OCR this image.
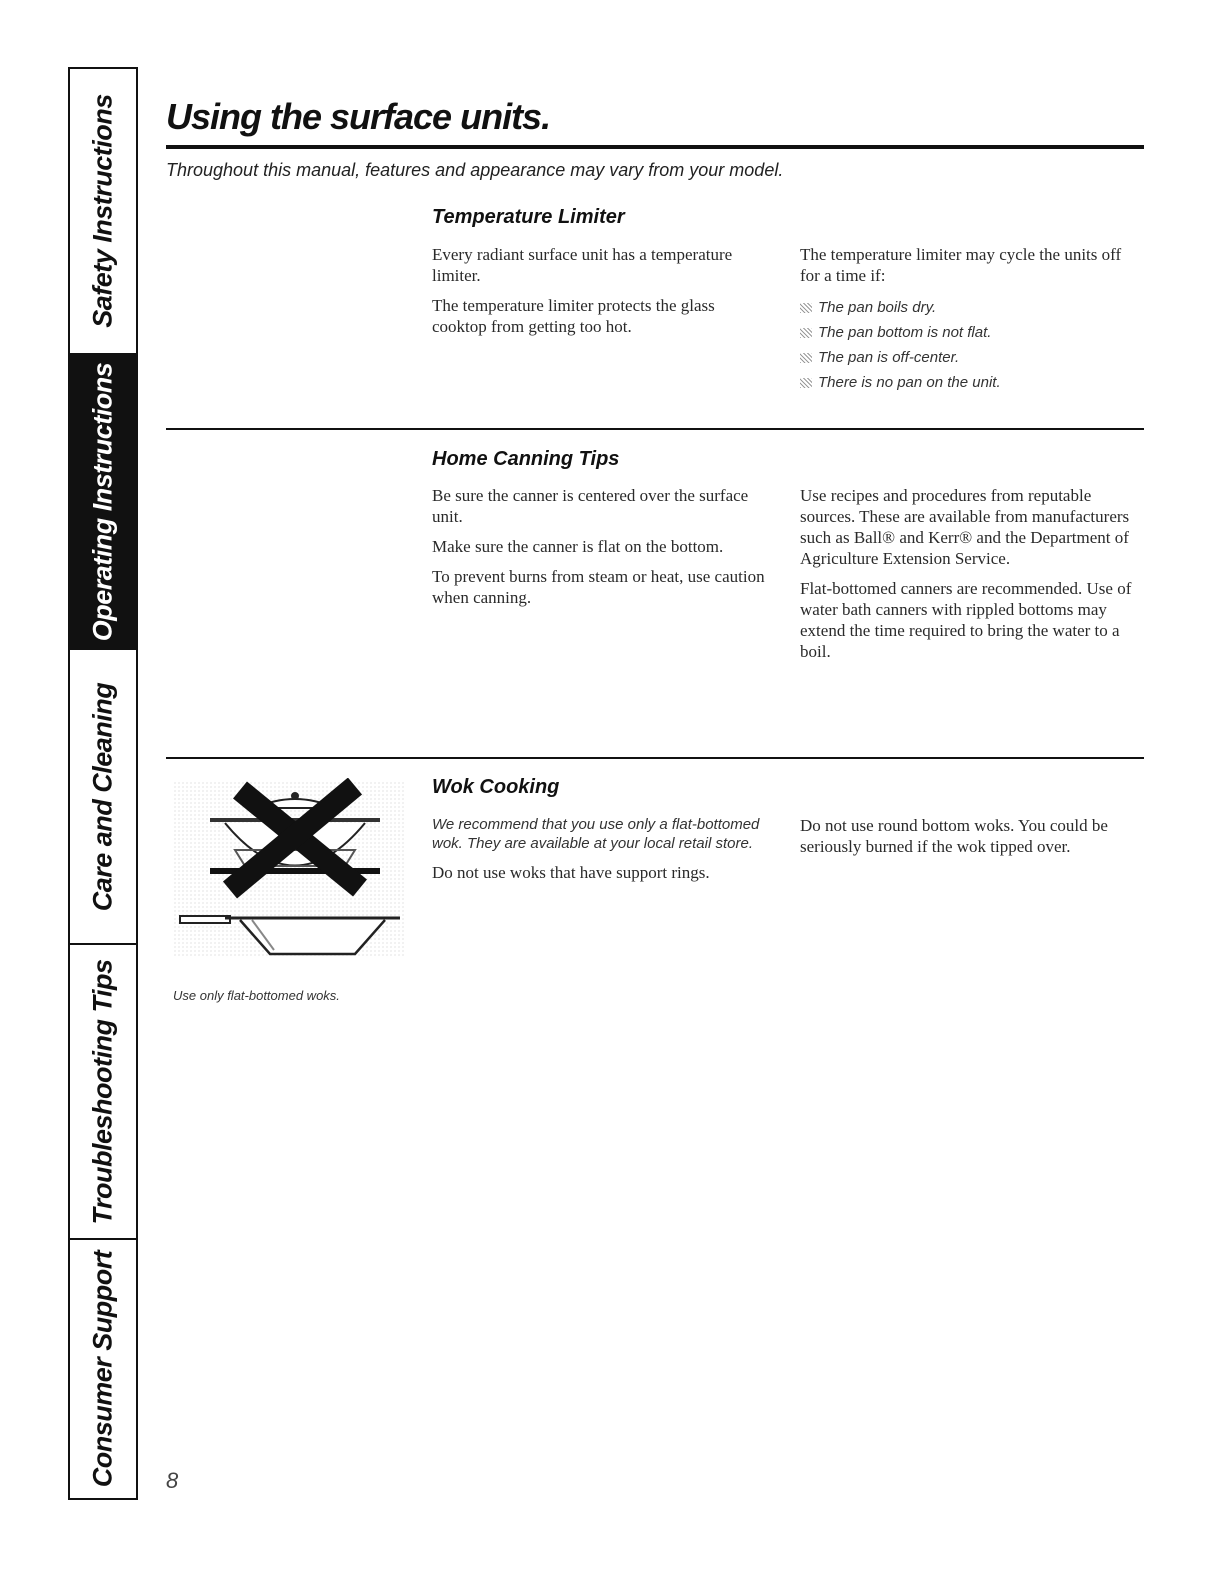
Safety Instructions
Operating Instructions
Care and Cleaning
Troubleshooting Tips
Consumer Support
Using the surface units.
Throughout this manual, features and appearance may vary from your model.
Temperature Limiter

Every radiant surface unit has a temperature limiter.

The temperature limiter protects the glass cooktop from getting too hot.

The temperature limiter may cycle the units off for a time if:

The pan boils dry.
The pan bottom is not flat.
The pan is off-center.
There is no pan on the unit.
Home Canning Tips

Be sure the canner is centered over the surface unit.

Make sure the canner is flat on the bottom.

To prevent burns from steam or heat, use caution when canning.

Use recipes and procedures from reputable sources. These are available from manufacturers such as Ball® and Kerr® and the Department of Agriculture Extension Service.

Flat-bottomed canners are recommended. Use of water bath canners with rippled bottoms may extend the time required to bring the water to a boil.

Use only flat-bottomed woks.
Wok Cooking

We recommend that you use only a flat-bottomed wok. They are available at your local retail store.

Do not use woks that have support rings.

Do not use round bottom woks. You could be seriously burned if the wok tipped over.

8
